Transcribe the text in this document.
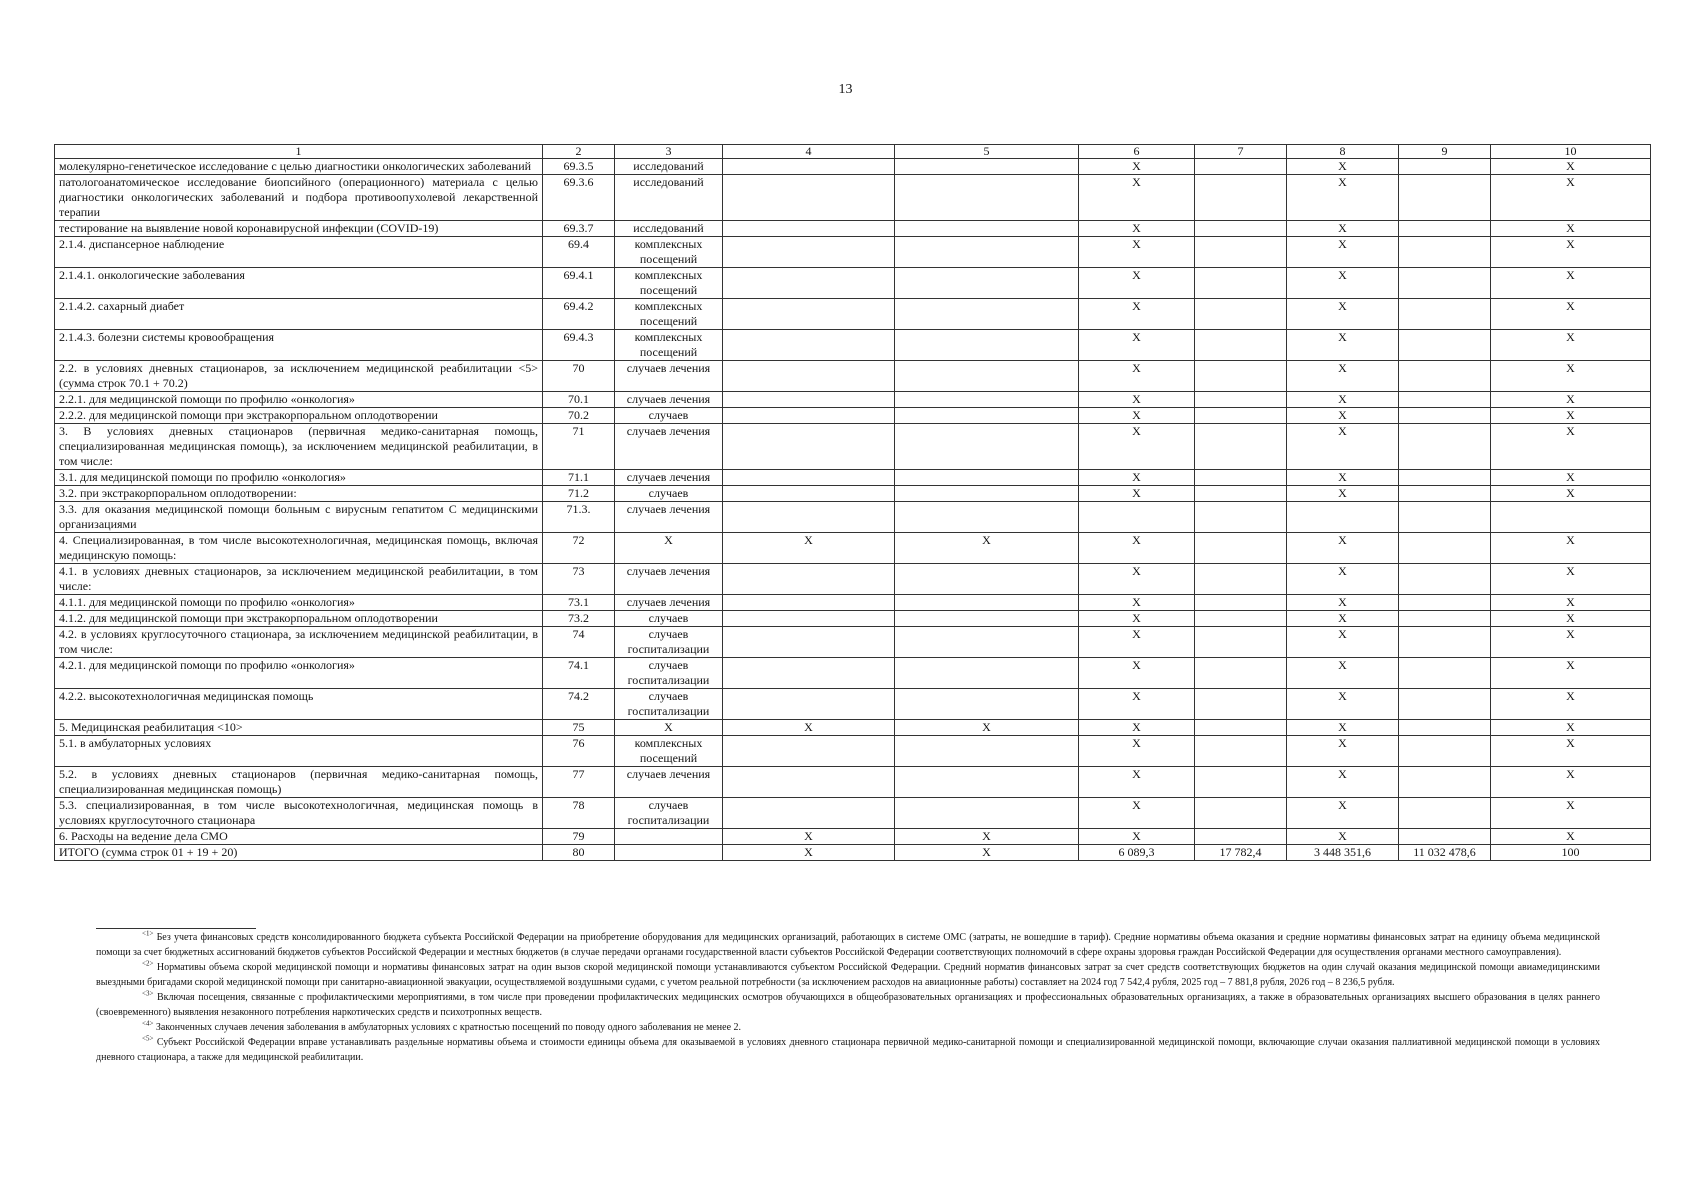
13
1	2	3	4	5	6	7	8	9	10
молекулярно-генетическое исследование с целью диагностики онкологических заболеваний	69.3.5	исследований			X		X		X
патологоанатомическое исследование биопсийного (операционного) материала с целью диагностики онкологических заболеваний и подбора противоопухолевой лекарственной терапии	69.3.6	исследований			X		X		X
тестирование на выявление новой коронавирусной инфекции (COVID-19)	69.3.7	исследований			X		X		X
2.1.4. диспансерное наблюдение	69.4	комплексных посещений			X		X		X
2.1.4.1. онкологические заболевания	69.4.1	комплексных посещений			X		X		X
2.1.4.2. сахарный диабет	69.4.2	комплексных посещений			X		X		X
2.1.4.3. болезни системы кровообращения	69.4.3	комплексных посещений			X		X		X
2.2. в условиях дневных стационаров, за исключением медицинской реабилитации <5> (сумма строк 70.1 + 70.2)	70	случаев лечения			X		X		X
2.2.1. для медицинской помощи по профилю «онкология»	70.1	случаев лечения			X		X		X
2.2.2. для медицинской помощи при экстракорпоральном оплодотворении	70.2	случаев			X		X		X
3. В условиях дневных стационаров (первичная медико-санитарная помощь, специализированная медицинская помощь), за исключением медицинской реабилитации, в том числе:	71	случаев лечения			X		X		X
3.1. для медицинской помощи по профилю «онкология»	71.1	случаев лечения			X		X		X
3.2. при экстракорпоральном оплодотворении:	71.2	случаев			X		X		X
3.3. для оказания медицинской помощи больным с вирусным гепатитом С медицинскими организациями	71.3.	случаев лечения							
4. Специализированная, в том числе высокотехнологичная, медицинская помощь, включая медицинскую помощь:	72	X	X	X	X		X		X
4.1. в условиях дневных стационаров, за исключением медицинской реабилитации, в том числе:	73	случаев лечения			X		X		X
4.1.1. для медицинской помощи по профилю «онкология»	73.1	случаев лечения			X		X		X
4.1.2. для медицинской помощи при экстракорпоральном оплодотворении	73.2	случаев			X		X		X
4.2. в условиях круглосуточного стационара, за исключением медицинской реабилитации, в том числе:	74	случаев госпитализации			X		X		X
4.2.1. для медицинской помощи по профилю «онкология»	74.1	случаев госпитализации			X		X		X
4.2.2. высокотехнологичная медицинская помощь	74.2	случаев госпитализации			X		X		X
5. Медицинская реабилитация <10>	75	X	X	X	X		X		X
5.1. в амбулаторных условиях	76	комплексных посещений			X		X		X
5.2. в условиях дневных стационаров (первичная медико-санитарная помощь, специализированная медицинская помощь)	77	случаев лечения			X		X		X
5.3. специализированная, в том числе высокотехнологичная, медицинская помощь в условиях круглосуточного стационара	78	случаев госпитализации			X		X		X
6. Расходы на ведение дела СМО	79		X	X	X		X		X
ИТОГО (сумма строк 01 + 19 + 20)	80		X	X	6 089,3	17 782,4	3 448 351,6	11 032 478,6	100

$^{<1>}$ Без учета финансовых средств консолидированного бюджета субъекта Российской Федерации на приобретение оборудования для медицинских организаций, работающих в системе ОМС (затраты, не вошедшие в тариф). Средние нормативы объема оказания и средние нормативы финансовых затрат на единицу объема медицинской помощи за счет бюджетных ассигнований бюджетов субъектов Российской Федерации и местных бюджетов (в случае передачи органами государственной власти субъектов Российской Федерации соответствующих полномочий в сфере охраны здоровья граждан Российской Федерации для осуществления органами местного самоуправления).

$^{<2>}$ Нормативы объема скорой медицинской помощи и нормативы финансовых затрат на один вызов скорой медицинской помощи устанавливаются субъектом Российской Федерации. Средний норматив финансовых затрат за счет средств соответствующих бюджетов на один случай оказания медицинской помощи авиамедицинскими выездными бригадами скорой медицинской помощи при санитарно-авиационной эвакуации, осуществляемой воздушными судами, с учетом реальной потребности (за исключением расходов на авиационные работы) составляет на 2024 год 7 542,4 рубля, 2025 год – 7 881,8 рубля, 2026 год – 8 236,5 рубля.

$^{<3>}$ Включая посещения, связанные с профилактическими мероприятиями, в том числе при проведении профилактических медицинских осмотров обучающихся в общеобразовательных организациях и профессиональных образовательных организациях, а также в образовательных организациях высшего образования в целях раннего (своевременного) выявления незаконного потребления наркотических средств и психотропных веществ.

$^{<4>}$ Законченных случаев лечения заболевания в амбулаторных условиях с кратностью посещений по поводу одного заболевания не менее 2.

$^{<5>}$ Субъект Российской Федерации вправе устанавливать раздельные нормативы объема и стоимости единицы объема для оказываемой в условиях дневного стационара первичной медико-санитарной помощи и специализированной медицинской помощи, включающие случаи оказания паллиативной медицинской помощи в условиях дневного стационара, а также для медицинской реабилитации.
